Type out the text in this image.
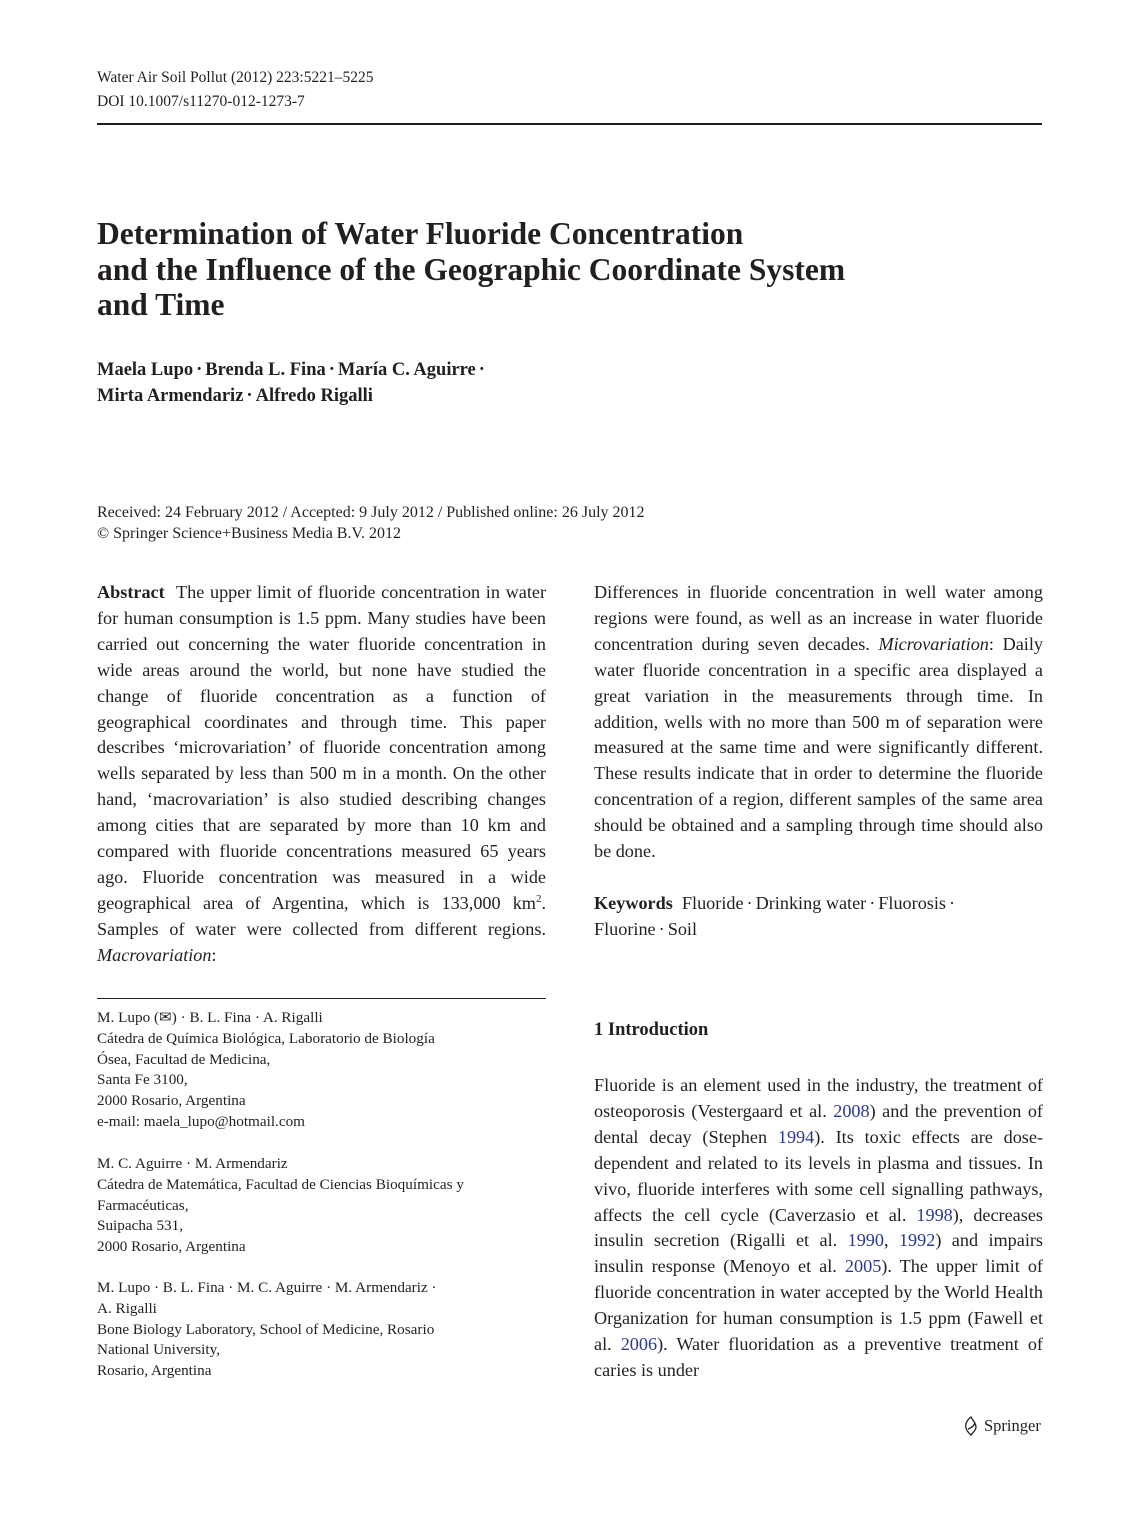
Water Air Soil Pollut (2012) 223:5221–5225
DOI 10.1007/s11270-012-1273-7
Determination of Water Fluoride Concentration
and the Influence of the Geographic Coordinate System
and Time
Maela Lupo · Brenda L. Fina · María C. Aguirre ·
Mirta Armendariz · Alfredo Rigalli
Received: 24 February 2012 / Accepted: 9 July 2012 / Published online: 26 July 2012
© Springer Science+Business Media B.V. 2012

Abstract The upper limit of fluoride concentration in water for human consumption is 1.5 ppm. Many studies have been carried out concerning the water fluoride concentration in wide areas around the world, but none have studied the change of fluoride concentration as a function of geographical coordinates and through time. This paper describes ‘microvariation’ of fluoride concentration among wells separated by less than 500 m in a month. On the other hand, ‘macrovariation’ is also studied describing changes among cities that are separated by more than 10 km and compared with fluoride concentrations measured 65 years ago. Fluoride concentration was measured in a wide geographical area of Argentina, which is 133,000 $km^2$. Samples of water were collected from different regions. Macrovariation:

M. Lupo (✉) · B. L. Fina · A. Rigalli
Cátedra de Química Biológica, Laboratorio de Biología
Ósea, Facultad de Medicina,
Santa Fe 3100,
2000 Rosario, Argentina
e-mail: maela_lupo@hotmail.com
M. C. Aguirre · M. Armendariz
Cátedra de Matemática, Facultad de Ciencias Bioquímicas y
Farmacéuticas,
Suipacha 531,
2000 Rosario, Argentina
M. Lupo · B. L. Fina · M. C. Aguirre · M. Armendariz ·
A. Rigalli
Bone Biology Laboratory, School of Medicine, Rosario
National University,
Rosario, Argentina

Differences in fluoride concentration in well water among regions were found, as well as an increase in water fluoride concentration during seven decades. Microvariation: Daily water fluoride concentration in a specific area displayed a great variation in the measurements through time. In addition, wells with no more than 500 m of separation were measured at the same time and were significantly different. These results indicate that in order to determine the fluoride concentration of a region, different samples of the same area should be obtained and a sampling through time should also be done.

Keywords Fluoride · Drinking water · Fluorosis ·
Fluorine · Soil

1 Introduction

Fluoride is an element used in the industry, the treatment of osteoporosis (Vestergaard et al. 2008) and the prevention of dental decay (Stephen 1994). Its toxic effects are dose-dependent and related to its levels in plasma and tissues. In vivo, fluoride interferes with some cell signalling pathways, affects the cell cycle (Caverzasio et al. 1998), decreases insulin secretion (Rigalli et al. 1990, 1992) and impairs insulin response (Menoyo et al. 2005). The upper limit of fluoride concentration in water accepted by the World Health Organization for human consumption is 1.5 ppm (Fawell et al. 2006). Water fluoridation as a preventive treatment of caries is under

Springer
